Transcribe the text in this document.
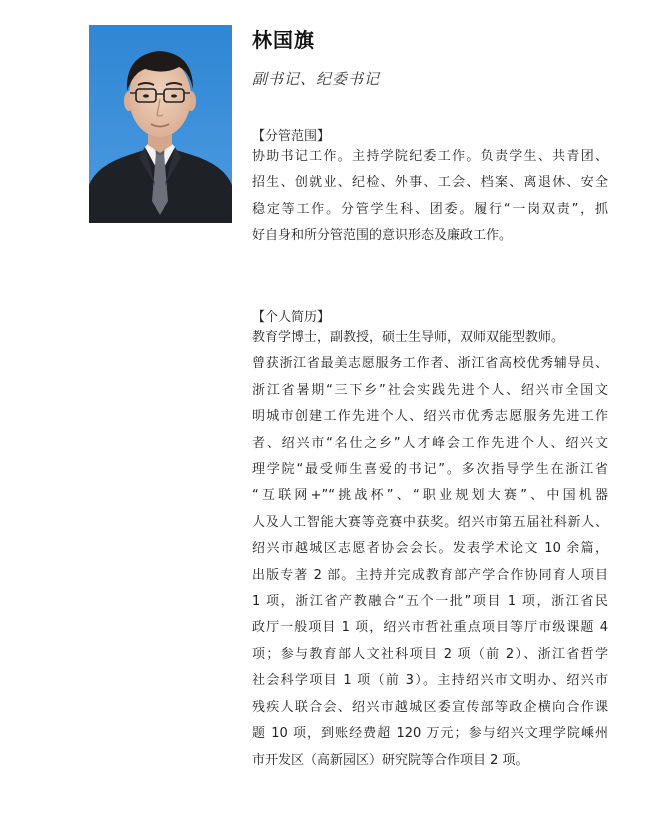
林国旗
副书记、纪委书记
【分管范围】

协助书记工作。主持学院纪委工作。负责学生、共青团、

招生、创就业、纪检、外事、工会、档案、离退休、安全

稳定等工作。分管学生科、团委。履行“一岗双责”，抓

好自身和所分管范围的意识形态及廉政工作。

【个人简历】

教育学博士，副教授，硕士生导师，双师双能型教师。

曾获浙江省最美志愿服务工作者、浙江省高校优秀辅导员、

浙江省暑期“三下乡”社会实践先进个人、绍兴市全国文

明城市创建工作先进个人、绍兴市优秀志愿服务先进工作

者、绍兴市“名仕之乡”人才峰会工作先进个人、绍兴文

理学院“最受师生喜爱的书记”。多次指导学生在浙江省

“互联网+”“挑战杯”、“职业规划大赛”、中国机器

人及人工智能大赛等竞赛中获奖。绍兴市第五届社科新人、

绍兴市越城区志愿者协会会长。发表学术论文 10 余篇，

出版专著 2 部。主持并完成教育部产学合作协同育人项目

1 项，浙江省产教融合“五个一批”项目 1 项，浙江省民

政厅一般项目 1 项，绍兴市哲社重点项目等厅市级课题 4

项；参与教育部人文社科项目 2 项（前 2）、浙江省哲学

社会科学项目 1 项（前 3）。主持绍兴市文明办、绍兴市

残疾人联合会、绍兴市越城区委宣传部等政企横向合作课

题 10 项，到账经费超 120 万元；参与绍兴文理学院嵊州

市开发区（高新园区）研究院等合作项目 2 项。
